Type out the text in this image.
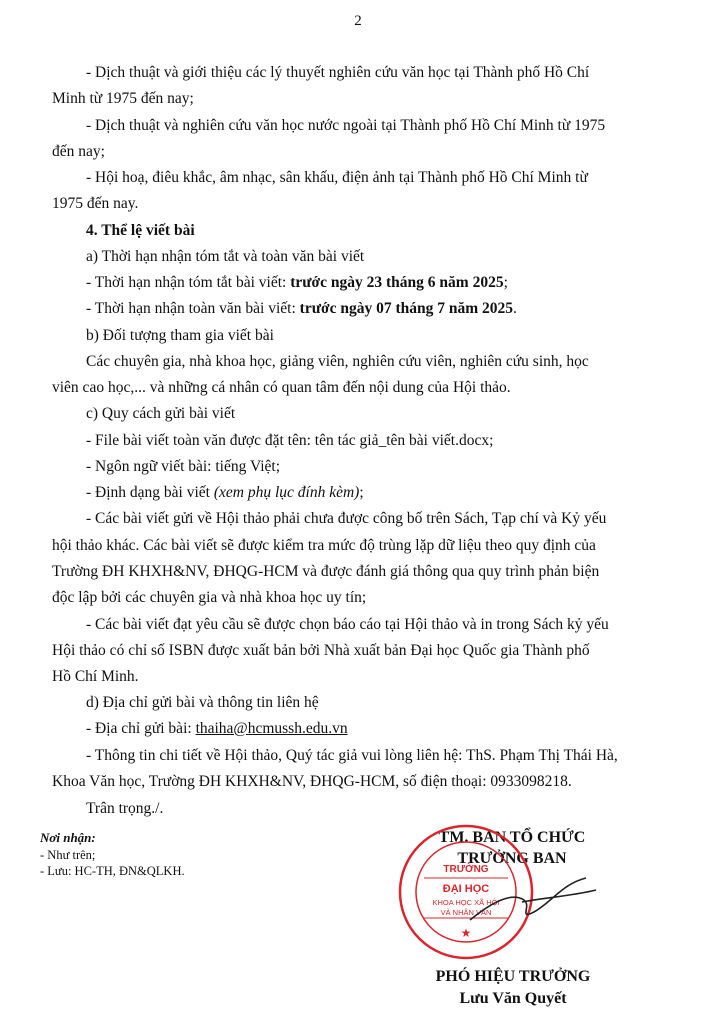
2
- Dịch thuật và giới thiệu các lý thuyết nghiên cứu văn học tại Thành phố Hồ Chí
Minh từ 1975 đến nay;
- Dịch thuật và nghiên cứu văn học nước ngoài tại Thành phố Hồ Chí Minh từ 1975
đến nay;
- Hội hoạ, điêu khắc, âm nhạc, sân khấu, điện ảnh tại Thành phố Hồ Chí Minh từ
1975 đến nay.
4. Thể lệ viết bài
a) Thời hạn nhận tóm tắt và toàn văn bài viết
- Thời hạn nhận tóm tắt bài viết: trước ngày 23 tháng 6 năm 2025;
- Thời hạn nhận toàn văn bài viết: trước ngày 07 tháng 7 năm 2025.
b) Đối tượng tham gia viết bài
Các chuyên gia, nhà khoa học, giảng viên, nghiên cứu viên, nghiên cứu sinh, học
viên cao học,... và những cá nhân có quan tâm đến nội dung của Hội thảo.
c) Quy cách gửi bài viết
- File bài viết toàn văn được đặt tên: tên tác giả_tên bài viết.docx;
- Ngôn ngữ viết bài: tiếng Việt;
- Định dạng bài viết (xem phụ lục đính kèm);
- Các bài viết gửi về Hội thảo phải chưa được công bố trên Sách, Tạp chí và Kỷ yếu
hội thảo khác. Các bài viết sẽ được kiểm tra mức độ trùng lặp dữ liệu theo quy định của
Trường ĐH KHXH&NV, ĐHQG-HCM và được đánh giá thông qua quy trình phản biện
độc lập bởi các chuyên gia và nhà khoa học uy tín;
- Các bài viết đạt yêu cầu sẽ được chọn báo cáo tại Hội thảo và in trong Sách kỷ yếu
Hội thảo có chỉ số ISBN được xuất bản bởi Nhà xuất bản Đại học Quốc gia Thành phố
Hồ Chí Minh.
d) Địa chỉ gửi bài và thông tin liên hệ
- Địa chỉ gửi bài: thaiha@hcmussh.edu.vn
- Thông tin chi tiết về Hội thảo, Quý tác giả vui lòng liên hệ: ThS. Phạm Thị Thái Hà,
Khoa Văn học, Trường ĐH KHXH&NV, ĐHQG-HCM, số điện thoại: 0933098218.
Trân trọng./.
Nơi nhận:
- Như trên;
- Lưu: HC-TH, ĐN&QLKH.
TM. BAN TỔ CHỨC
TRƯỞNG BAN
TRƯỜNG
ĐẠI HỌC
KHOA HỌC XÃ HỘI
VÀ NHÂN VĂN
★
PHÓ HIỆU TRƯỞNG
Lưu Văn Quyết
